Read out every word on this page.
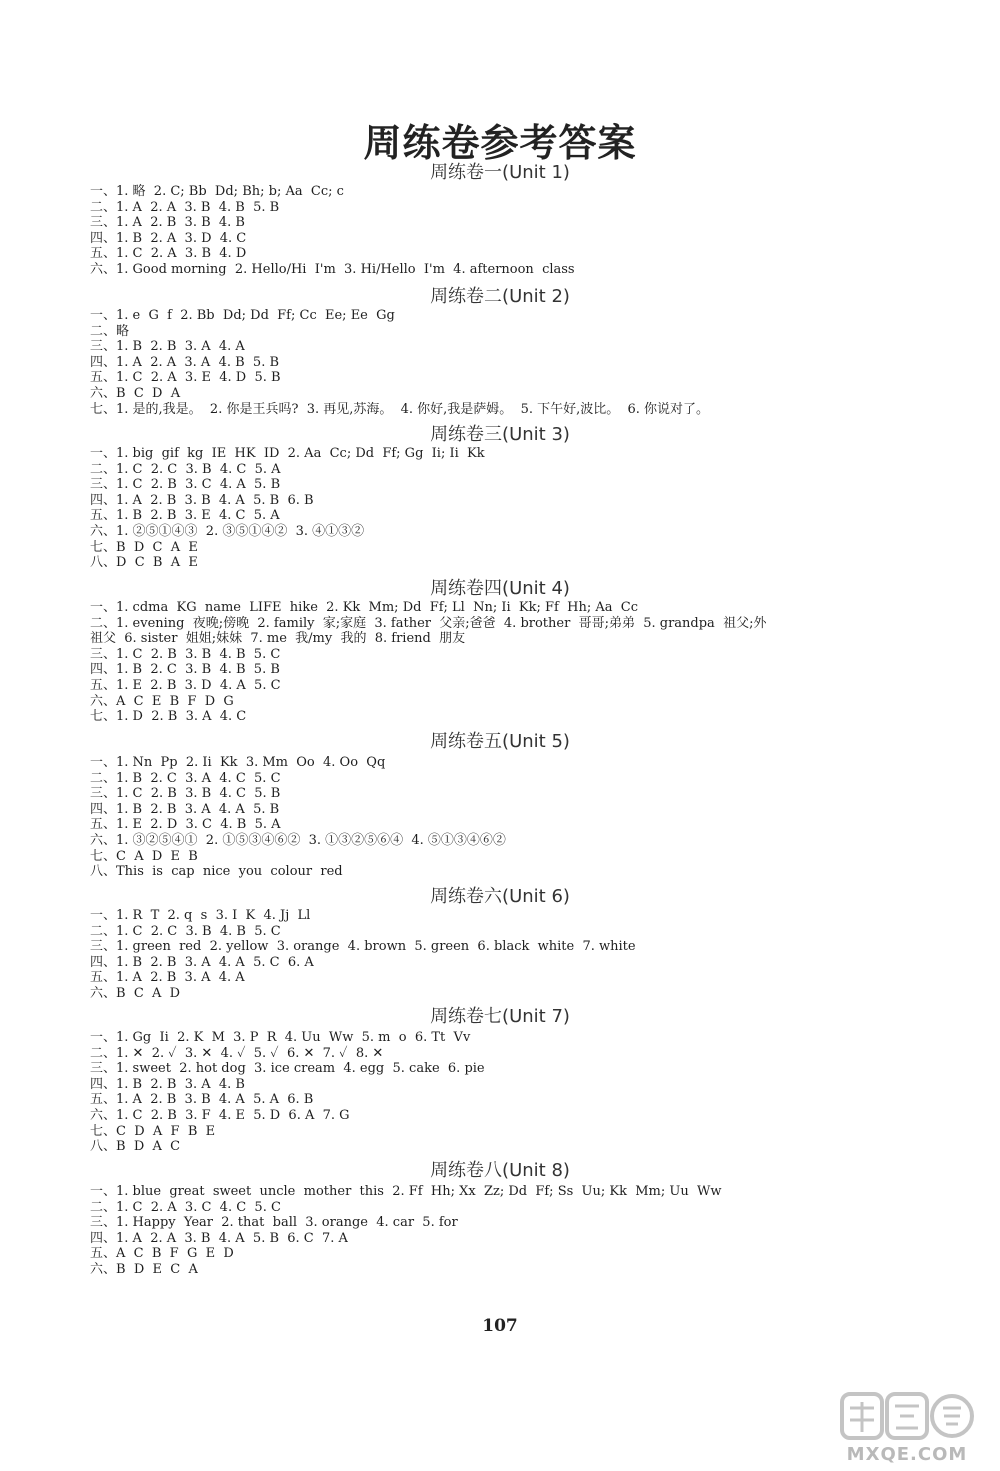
周练卷参考答案
周练卷一(Unit 1)
一、1. 略  2. C; Bb  Dd; Bh; b; Aa  Cc; c
二、1. A  2. A  3. B  4. B  5. B
三、1. A  2. B  3. B  4. B
四、1. B  2. A  3. D  4. C
五、1. C  2. A  3. B  4. D
六、1. Good morning  2. Hello/Hi  I'm  3. Hi/Hello  I'm  4. afternoon  class
周练卷二(Unit 2)
一、1. e  G  f  2. Bb  Dd; Dd  Ff; Cc  Ee; Ee  Gg
二、略
三、1. B  2. B  3. A  4. A
四、1. A  2. A  3. A  4. B  5. B
五、1. C  2. A  3. E  4. D  5. B
六、B  C  D  A
七、1. 是的,我是。  2. 你是王兵吗?  3. 再见,苏海。  4. 你好,我是萨姆。  5. 下午好,波比。  6. 你说对了。
周练卷三(Unit 3)
一、1. big  gif  kg  IE  HK  ID  2. Aa  Cc; Dd  Ff; Gg  Ii; Ii  Kk
二、1. C  2. C  3. B  4. C  5. A
三、1. C  2. B  3. C  4. A  5. B
四、1. A  2. B  3. B  4. A  5. B  6. B
五、1. B  2. B  3. E  4. C  5. A
六、1. ②⑤①④③  2. ③⑤①④②  3. ④①③②
七、B  D  C  A  E
八、D  C  B  A  E
周练卷四(Unit 4)
一、1. cdma  KG  name  LIFE  hike  2. Kk  Mm; Dd  Ff; Ll  Nn; Ii  Kk; Ff  Hh; Aa  Cc
二、1. evening  夜晚;傍晚  2. family  家;家庭  3. father  父亲;爸爸  4. brother  哥哥;弟弟  5. grandpa  祖父;外
祖父  6. sister  姐姐;妹妹  7. me  我/my  我的  8. friend  朋友
三、1. C  2. B  3. B  4. B  5. C
四、1. B  2. C  3. B  4. B  5. B
五、1. E  2. B  3. D  4. A  5. C
六、A  C  E  B  F  D  G
七、1. D  2. B  3. A  4. C
周练卷五(Unit 5)
一、1. Nn  Pp  2. Ii  Kk  3. Mm  Oo  4. Oo  Qq
二、1. B  2. C  3. A  4. C  5. C
三、1. C  2. B  3. B  4. C  5. B
四、1. B  2. B  3. A  4. A  5. B
五、1. E  2. D  3. C  4. B  5. A
六、1. ③②⑤④①  2. ①⑤③④⑥②  3. ①③②⑤⑥④  4. ⑤①③④⑥②
七、C  A  D  E  B
八、This  is  cap  nice  you  colour  red
周练卷六(Unit 6)
一、1. R  T  2. q  s  3. I  K  4. Jj  Ll
二、1. C  2. C  3. B  4. B  5. C
三、1. green  red  2. yellow  3. orange  4. brown  5. green  6. black  white  7. white
四、1. B  2. B  3. A  4. A  5. C  6. A
五、1. A  2. B  3. A  4. A
六、B  C  A  D
周练卷七(Unit 7)
一、1. Gg  Ii  2. K  M  3. P  R  4. Uu  Ww  5. m  o  6. Tt  Vv
二、1. ✕  2. ✓  3. ✕  4. ✓  5. ✓  6. ✕  7. ✓  8. ✕
三、1. sweet  2. hot dog  3. ice cream  4. egg  5. cake  6. pie
四、1. B  2. B  3. A  4. B
五、1. A  2. B  3. B  4. A  5. A  6. B
六、1. C  2. B  3. F  4. E  5. D  6. A  7. G
七、C  D  A  F  B  E
八、B  D  A  C
周练卷八(Unit 8)
一、1. blue  great  sweet  uncle  mother  this  2. Ff  Hh; Xx  Zz; Dd  Ff; Ss  Uu; Kk  Mm; Uu  Ww
二、1. C  2. A  3. C  4. C  5. C
三、1. Happy  Year  2. that  ball  3. orange  4. car  5. for
四、1. A  2. A  3. B  4. A  5. B  6. C  7. A
五、A  C  B  F  G  E  D
六、B  D  E  C  A
107
MXQE.COM
